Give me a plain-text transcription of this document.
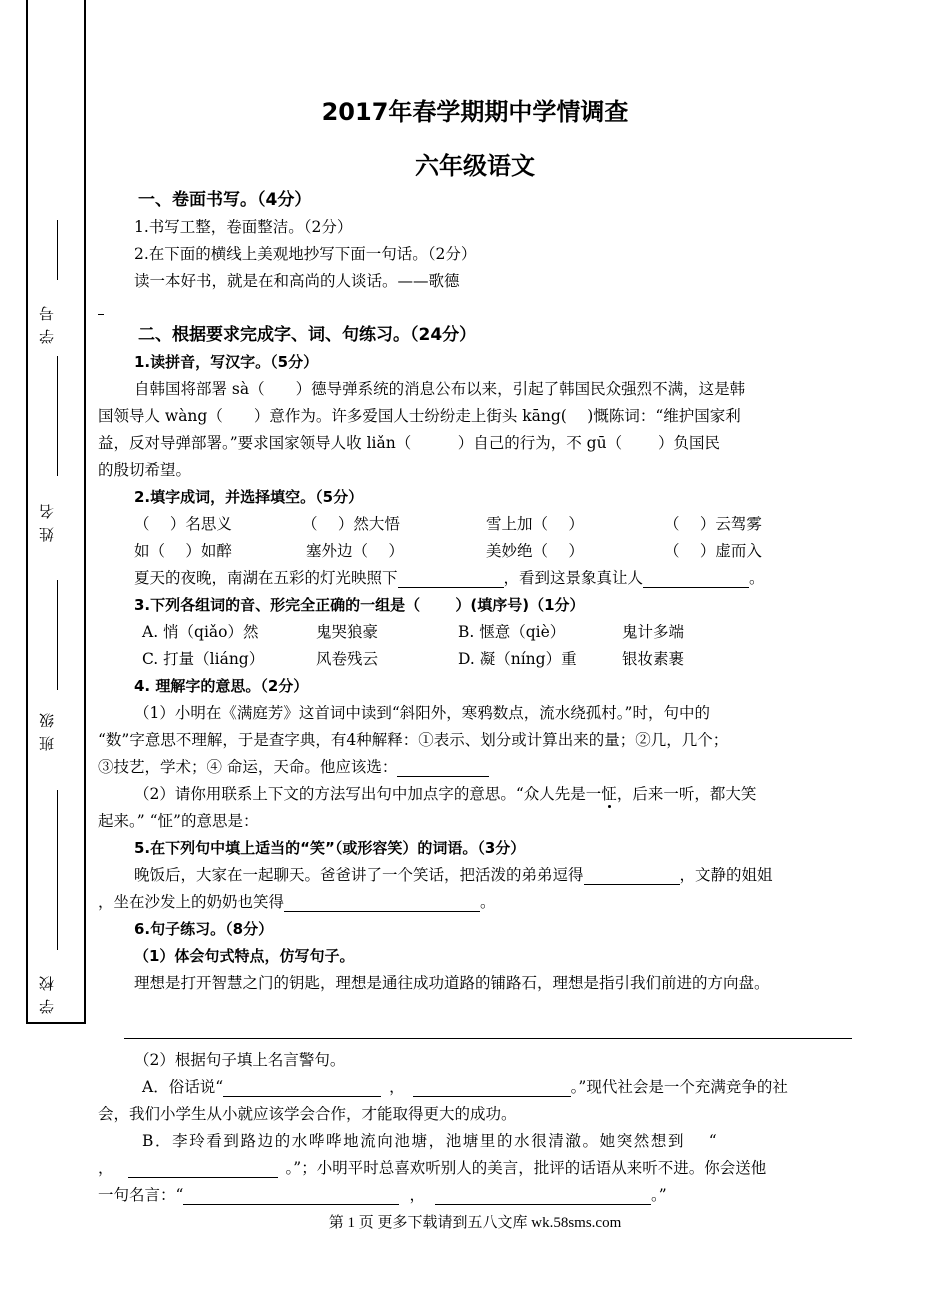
学号
姓名
班级
学校
2017年春学期期中学情调查
六年级语文
一、卷面书写。（4分）
1.书写工整，卷面整洁。（2分）
2.在下面的横线上美观地抄写下面一句话。（2分）
读一本好书，就是在和高尚的人谈话。——歌德
二、根据要求完成字、词、句练习。（24分）
1.读拼音，写汉字。（5分）
自韩国将部署 sà（　　）德导弹系统的消息公布以来，引起了韩国民众强烈不满，这是韩
国领导人 wàng（　　）意作为。许多爱国人士纷纷走上街头 kāng(　 )慨陈词：“维护国家利
益，反对导弹部署。”要求国家领导人收 liǎn（　　　）自己的行为，不 gū（　　 ）负国民
的殷切希望。
2.填字成词，并选择填空。（5分）
（　 ）名思义	（　 ）然大悟	雪上加（　 ）	（　 ）云驾雾
如（　 ）如醉	塞外边（　 ）	美妙绝（　 ）	（　 ）虚而入
夏天的夜晚，南湖在五彩的灯光映照下	，看到这景象真让人	。
3.下列各组词的音、形完全正确的一组是（　　 ）(填序号)（1分）
A. 悄（qiǎo）然	鬼哭狼豪	B. 惬意（qiè）	鬼计多端
C. 打量（liáng）	风卷残云	D. 凝（níng）重	银妆素裹
4. 理解字的意思。（2分）
（1）小明在《满庭芳》这首词中读到“斜阳外，寒鸦数点，流水绕孤村。”时，句中的
“数”字意思不理解，于是查字典，有4种解释：①表示、划分或计算出来的量；②几，几个；
③技艺，学术；④ 命运，天命。他应该选：
（2）请你用联系上下文的方法写出句中加点字的意思。“众人先是一怔，后来一听，都大笑
起来。” “怔”的意思是：
5.在下列句中填上适当的“笑”（或形容笑）的词语。（3分）
晚饭后，大家在一起聊天。爸爸讲了一个笑话，把活泼的弟弟逗得	，文静的姐姐
，坐在沙发上的奶奶也笑得	。
6.句子练习。（8分）
（1）体会句式特点，仿写句子。
理想是打开智慧之门的钥匙，理想是通往成功道路的铺路石，理想是指引我们前进的方向盘。
（2）根据句子填上名言警句。
A．俗话说“	，	。”现代社会是一个充满竞争的社
会，我们小学生从小就应该学会合作，才能取得更大的成功。
B．李玲看到路边的水哗哗地流向池塘，池塘里的水很清澈。她突然想到　 “
，	。”；小明平时总喜欢听别人的美言，批评的话语从来听不进。你会送他
一句名言：“	，	。”
第 1 页 更多下载请到五八文库 wk.58sms.com
